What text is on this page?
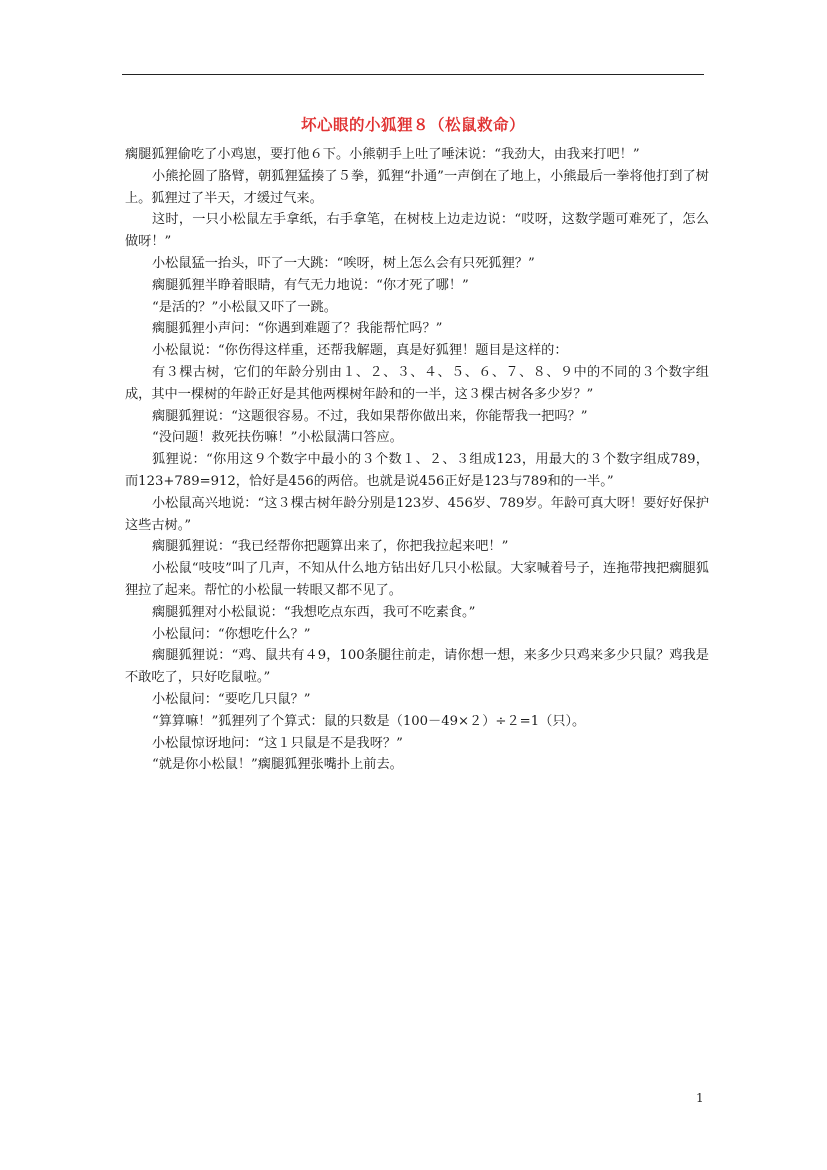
坏心眼的小狐狸８（松鼠救命）

瘸腿狐狸偷吃了小鸡崽，要打他６下。小熊朝手上吐了唾沫说：“我劲大，由我来打吧！”

小熊抡圆了胳臂，朝狐狸猛揍了５拳，狐狸“扑通”一声倒在了地上，小熊最后一拳将他打到了树上。狐狸过了半天，才缓过气来。

这时，一只小松鼠左手拿纸，右手拿笔，在树枝上边走边说：“哎呀，这数学题可难死了，怎么做呀！”

小松鼠猛一抬头，吓了一大跳：“唉呀，树上怎么会有只死狐狸？”

瘸腿狐狸半睁着眼睛，有气无力地说：“你才死了哪！”

“是活的？”小松鼠又吓了一跳。

瘸腿狐狸小声问：“你遇到难题了？我能帮忙吗？”

小松鼠说：“你伤得这样重，还帮我解题，真是好狐狸！题目是这样的：

有３棵古树，它们的年龄分别由１、２、３、４、５、６、７、８、９中的不同的３个数字组成，其中一棵树的年龄正好是其他两棵树年龄和的一半，这３棵古树各多少岁？”

瘸腿狐狸说：“这题很容易。不过，我如果帮你做出来，你能帮我一把吗？”

“没问题！救死扶伤嘛！”小松鼠满口答应。

狐狸说：“你用这９个数字中最小的３个数１、２、３组成123，用最大的３个数字组成789，而123+789=912，恰好是456的两倍。也就是说456正好是123与789和的一半。”

小松鼠高兴地说：“这３棵古树年龄分别是123岁、456岁、789岁。年龄可真大呀！要好好保护这些古树。”

瘸腿狐狸说：“我已经帮你把题算出来了，你把我拉起来吧！”

小松鼠“吱吱”叫了几声，不知从什么地方钻出好几只小松鼠。大家喊着号子，连拖带拽把瘸腿狐狸拉了起来。帮忙的小松鼠一转眼又都不见了。

瘸腿狐狸对小松鼠说：“我想吃点东西，我可不吃素食。”

小松鼠问：“你想吃什么？”

瘸腿狐狸说：“鸡、鼠共有４9，100条腿往前走，请你想一想，来多少只鸡来多少只鼠？鸡我是不敢吃了，只好吃鼠啦。”

小松鼠问：“要吃几只鼠？”

“算算嘛！”狐狸列了个算式：鼠的只数是（100－49×２）÷２=1（只）。

小松鼠惊讶地问：“这１只鼠是不是我呀？”

“就是你小松鼠！”瘸腿狐狸张嘴扑上前去。

1
